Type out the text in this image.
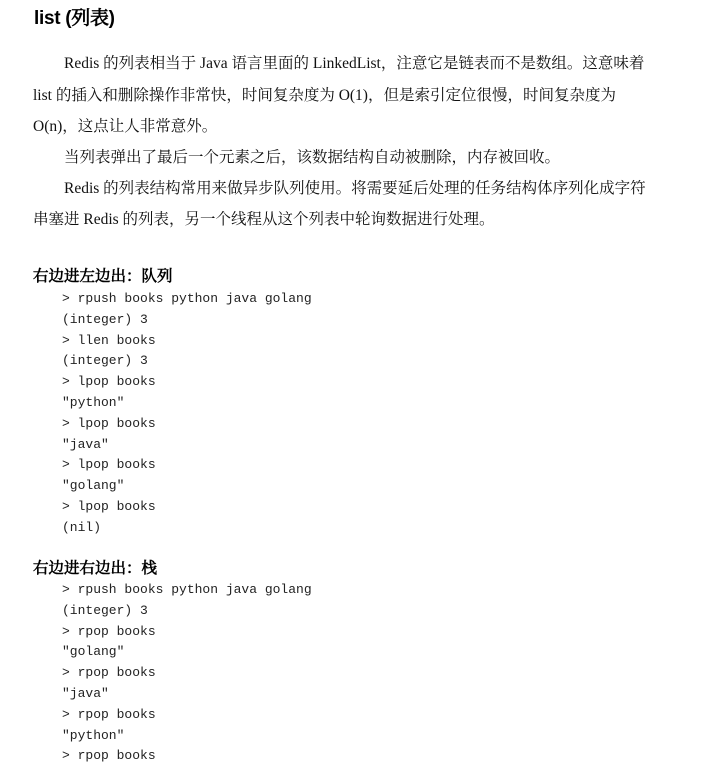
list (列表)
Redis 的列表相当于 Java 语言里面的 LinkedList，注意它是链表而不是数组。这意味着
list 的插入和删除操作非常快，时间复杂度为 O(1)，但是索引定位很慢，时间复杂度为
O(n)，这点让人非常意外。
当列表弹出了最后一个元素之后，该数据结构自动被删除，内存被回收。
Redis 的列表结构常用来做异步队列使用。将需要延后处理的任务结构体序列化成字符
串塞进 Redis 的列表，另一个线程从这个列表中轮询数据进行处理。
右边进左边出：队列
> rpush books python java golang
(integer) 3
> llen books
(integer) 3
> lpop books
"python"
> lpop books
"java"
> lpop books
"golang"
> lpop books
(nil)
右边进右边出：栈
> rpush books python java golang
(integer) 3
> rpop books
"golang"
> rpop books
"java"
> rpop books
"python"
> rpop books
